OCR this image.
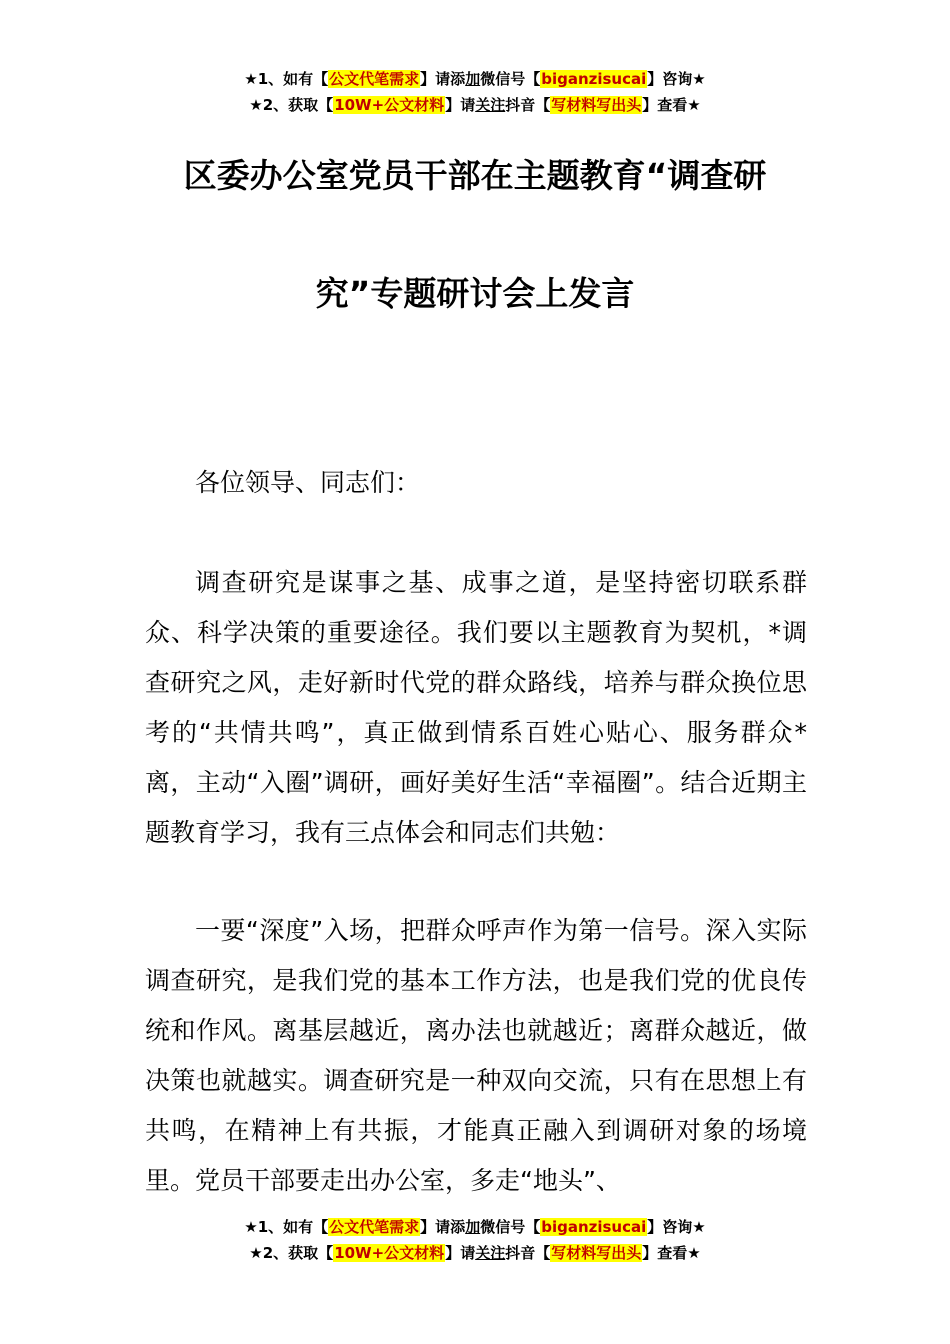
★1、如有【公文代笔需求】请添加微信号【biganzisucai】咨询★
★2、获取【10W+公文材料】请关注抖音【写材料写出头】查看★
区委办公室党员干部在主题教育“调查研
究”专题研讨会上发言
各位领导、同志们：

调查研究是谋事之基、成事之道，是坚持密切联系群众、科学决策的重要途径。我们要以主题教育为契机，*调查研究之风，走好新时代党的群众路线，培养与群众换位思考的“共情共鸣”，真正做到情系百姓心贴心、服务群众*离，主动“入圈”调研，画好美好生活“幸福圈”。结合近期主题教育学习，我有三点体会和同志们共勉：

一要“深度”入场，把群众呼声作为第一信号。深入实际调查研究，是我们党的基本工作方法，也是我们党的优良传统和作风。离基层越近，离办法也就越近；离群众越近，做决策也就越实。调查研究是一种双向交流，只有在思想上有共鸣，在精神上有共振，才能真正融入到调研对象的场境里。党员干部要走出办公室，多走“地头”、

★1、如有【公文代笔需求】请添加微信号【biganzisucai】咨询★
★2、获取【10W+公文材料】请关注抖音【写材料写出头】查看★
